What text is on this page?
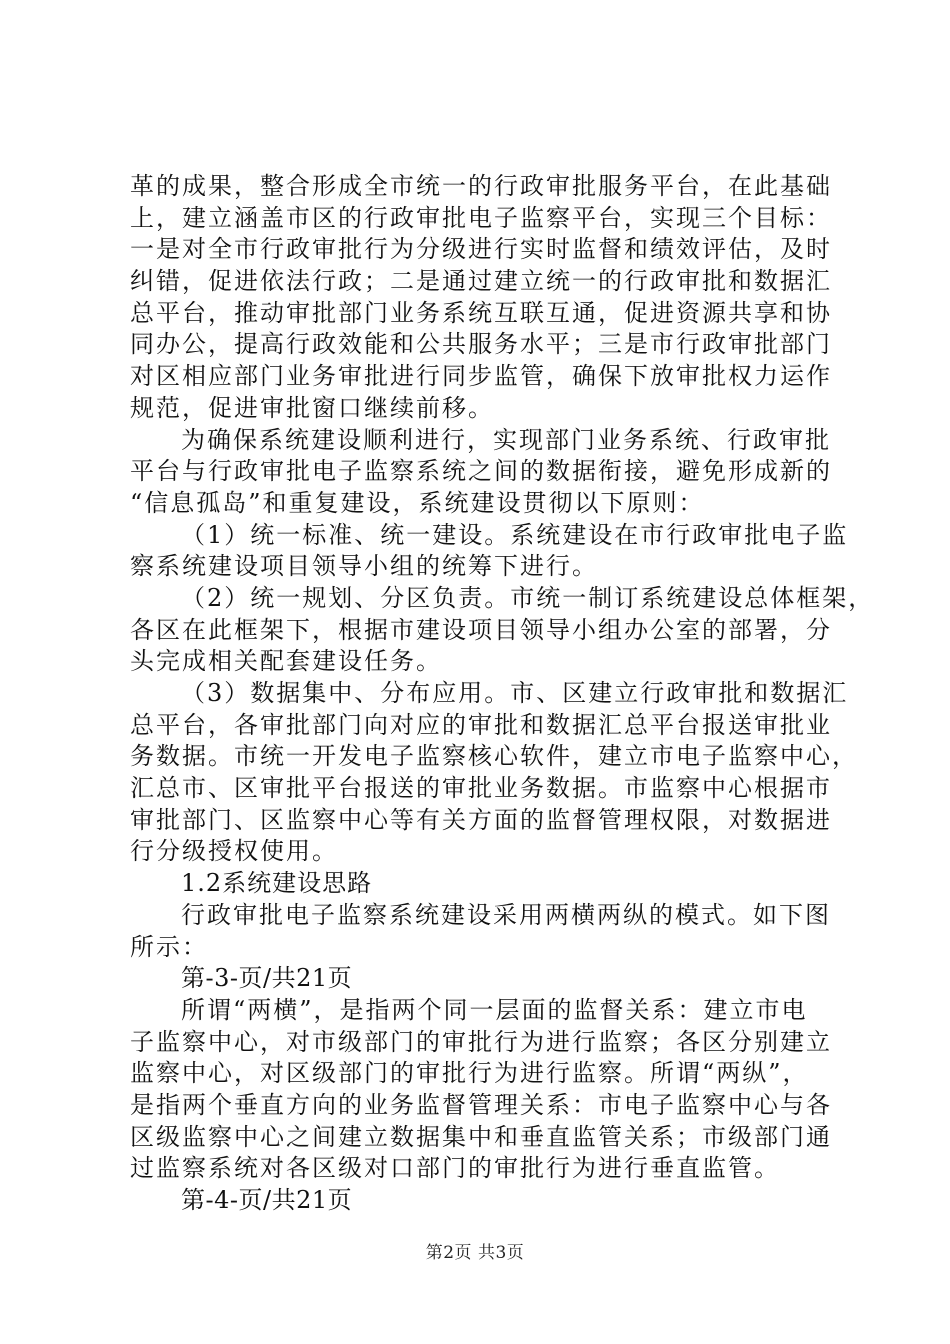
革的成果，整合形成全市统一的行政审批服务平台，在此基础
上，建立涵盖市区的行政审批电子监察平台，实现三个目标：
一是对全市行政审批行为分级进行实时监督和绩效评估，及时
纠错，促进依法行政；二是通过建立统一的行政审批和数据汇
总平台，推动审批部门业务系统互联互通，促进资源共享和协
同办公，提高行政效能和公共服务水平；三是市行政审批部门
对区相应部门业务审批进行同步监管，确保下放审批权力运作
规范，促进审批窗口继续前移。
为确保系统建设顺利进行，实现部门业务系统、行政审批
平台与行政审批电子监察系统之间的数据衔接，避免形成新的
“信息孤岛”和重复建设，系统建设贯彻以下原则：
（1）统一标准、统一建设。系统建设在市行政审批电子监
察系统建设项目领导小组的统筹下进行。
（2）统一规划、分区负责。市统一制订系统建设总体框架，
各区在此框架下，根据市建设项目领导小组办公室的部署，分
头完成相关配套建设任务。
（3）数据集中、分布应用。市、区建立行政审批和数据汇
总平台，各审批部门向对应的审批和数据汇总平台报送审批业
务数据。市统一开发电子监察核心软件，建立市电子监察中心，
汇总市、区审批平台报送的审批业务数据。市监察中心根据市
审批部门、区监察中心等有关方面的监督管理权限，对数据进
行分级授权使用。
1.2系统建设思路
行政审批电子监察系统建设采用两横两纵的模式。如下图
所示：
第-3-页/共21页
所谓“两横”，是指两个同一层面的监督关系：建立市电
子监察中心，对市级部门的审批行为进行监察；各区分别建立
监察中心，对区级部门的审批行为进行监察。所谓“两纵”，
是指两个垂直方向的业务监督管理关系：市电子监察中心与各
区级监察中心之间建立数据集中和垂直监管关系；市级部门通
过监察系统对各区级对口部门的审批行为进行垂直监管。
第-4-页/共21页
第2页 共3页
